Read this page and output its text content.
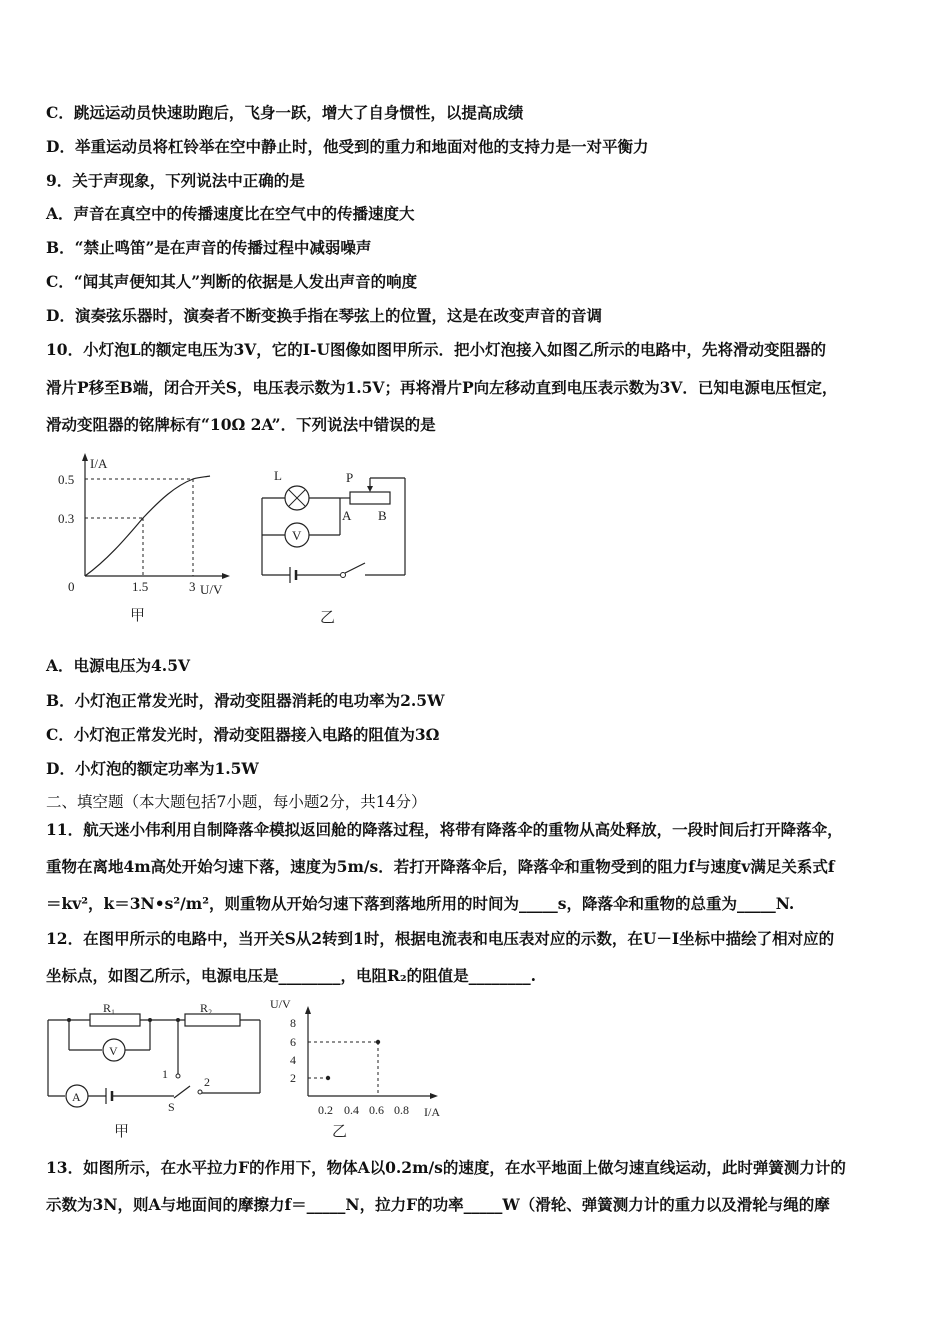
C．跳远运动员快速助跑后，飞身一跃，增大了自身惯性，以提高成绩
D．举重运动员将杠铃举在空中静止时，他受到的重力和地面对他的支持力是一对平衡力
9．关于声现象，下列说法中正确的是
A．声音在真空中的传播速度比在空气中的传播速度大
B．“禁止鸣笛”是在声音的传播过程中减弱噪声
C．“闻其声便知其人”判断的依据是人发出声音的响度
D．演奏弦乐器时，演奏者不断变换手指在琴弦上的位置，这是在改变声音的音调
10．小灯泡L的额定电压为3V，它的I-U图像如图甲所示．把小灯泡接入如图乙所示的电路中，先将滑动变阻器的
滑片P移至B端，闭合开关S，电压表示数为1.5V；再将滑片P向左移动直到电压表示数为3V．已知电源电压恒定，
滑动变阻器的铭牌标有“10Ω 2A”．下列说法中错误的是
I/A
0.5
0.3
0	1.5	3 U/V
甲
V
L	P
A B
乙
A．电源电压为4.5V
B．小灯泡正常发光时，滑动变阻器消耗的电功率为2.5W
C．小灯泡正常发光时，滑动变阻器接入电路的阻值为3Ω
D．小灯泡的额定功率为1.5W
二、填空题（本大题包括7小题，每小题2分，共14分）
11．航天迷小伟利用自制降落伞模拟返回舱的降落过程，将带有降落伞的重物从高处释放，一段时间后打开降落伞，
重物在离地4m高处开始匀速下落，速度为5m/s．若打开降落伞后，降落伞和重物受到的阻力f与速度v满足关系式f
＝kv²，k＝3N•s²/m²，则重物从开始匀速下落到落地所用的时间为_____s，降落伞和重物的总重为_____N.
12．在图甲所示的电路中，当开关S从2转到1时，根据电流表和电压表对应的示数，在U－I坐标中描绘了相对应的
坐标点，如图乙所示，电源电压是________，电阻R₂的阻值是________.
V
A
R₁	R₂
1
2
S
甲
U/V
8
6
4
2
0.2 0.4 0.6 0.8 I/A
乙
13．如图所示，在水平拉力F的作用下，物体A以0.2m/s的速度，在水平地面上做匀速直线运动，此时弹簧测力计的
示数为3N，则A与地面间的摩擦力f＝_____N，拉力F的功率_____W（滑轮、弹簧测力计的重力以及滑轮与绳的摩
